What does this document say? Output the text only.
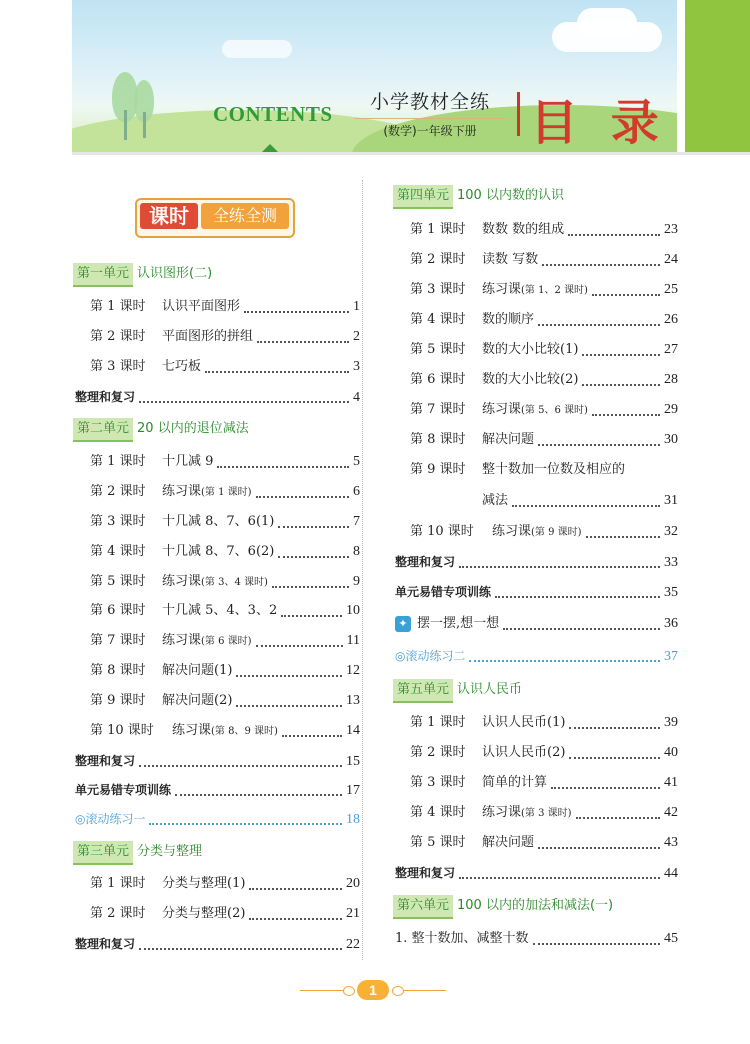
CONTENTS	小学教材全练
(数学)一年级下册	目 录
课时	全练全测
第一单元 认识图形(二)
第 1 课时 认识平面图形	1
第 2 课时 平面图形的拼组	2
第 3 课时 七巧板	3
整理和复习	4
第二单元 20 以内的退位减法
第 1 课时 十几减 9	5
第 2 课时 练习课(第 1 课时)	6
第 3 课时 十几减 8、7、6(1)	7
第 4 课时 十几减 8、7、6(2)	8
第 5 课时 练习课(第 3、4 课时)	9
第 6 课时 十几减 5、4、3、2	10
第 7 课时 练习课(第 6 课时)	11
第 8 课时 解决问题(1)	12
第 9 课时 解决问题(2)	13
第 10 课时 练习课(第 8、9 课时)	14
整理和复习	15
单元易错专项训练	17
◎滚动练习一	18
第三单元 分类与整理
第 1 课时 分类与整理(1)	20
第 2 课时 分类与整理(2)	21
整理和复习	22
第四单元 100 以内数的认识
第 1 课时 数数 数的组成	23
第 2 课时 读数 写数	24
第 3 课时 练习课(第 1、2 课时)	25
第 4 课时 数的顺序	26
第 5 课时 数的大小比较(1)	27
第 6 课时 数的大小比较(2)	28
第 7 课时 练习课(第 5、6 课时)	29
第 8 课时 解决问题	30
第 9 课时 整十数加一位数及相应的
减法	31
第 10 课时 练习课(第 9 课时)	32
整理和复习	33
单元易错专项训练	35
✦ 摆一摆,想一想	36
◎滚动练习二	37
第五单元 认识人民币
第 1 课时 认识人民币(1)	39
第 2 课时 认识人民币(2)	40
第 3 课时 简单的计算	41
第 4 课时 练习课(第 3 课时)	42
第 5 课时 解决问题	43
整理和复习	44
第六单元 100 以内的加法和减法(一)
1. 整十数加、减整十数	45
1
